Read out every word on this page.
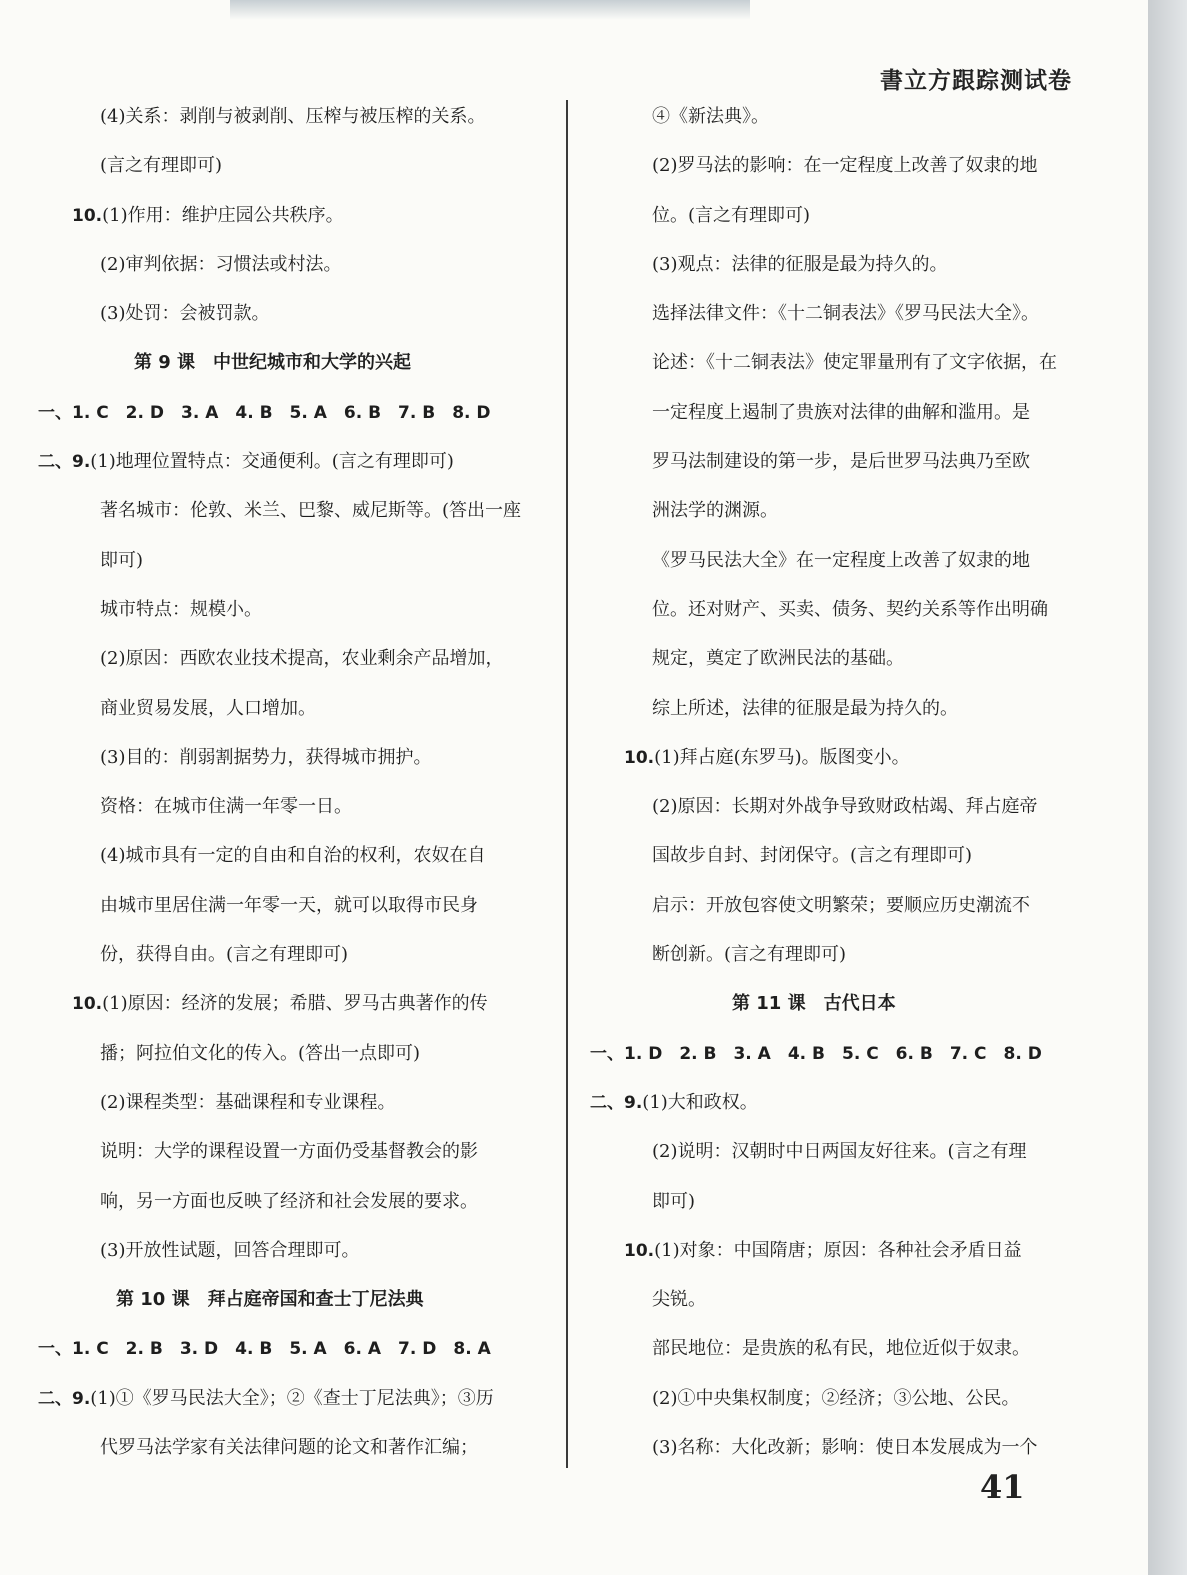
書立方跟踪测试卷
(4)关系：剥削与被剥削、压榨与被压榨的关系。
(言之有理即可)
10.(1)作用：维护庄园公共秩序。
(2)审判依据：习惯法或村法。
(3)处罚：会被罚款。
第 9 课　中世纪城市和大学的兴起
一、1. C　2. D　3. A　4. B　5. A　6. B　7. B　8. D
二、9.(1)地理位置特点：交通便利。(言之有理即可)
著名城市：伦敦、米兰、巴黎、威尼斯等。(答出一座
即可)
城市特点：规模小。
(2)原因：西欧农业技术提高，农业剩余产品增加，
商业贸易发展，人口增加。
(3)目的：削弱割据势力，获得城市拥护。
资格：在城市住满一年零一日。
(4)城市具有一定的自由和自治的权利，农奴在自
由城市里居住满一年零一天，就可以取得市民身
份，获得自由。(言之有理即可)
10.(1)原因：经济的发展；希腊、罗马古典著作的传
播；阿拉伯文化的传入。(答出一点即可)
(2)课程类型：基础课程和专业课程。
说明：大学的课程设置一方面仍受基督教会的影
响，另一方面也反映了经济和社会发展的要求。
(3)开放性试题，回答合理即可。
第 10 课　拜占庭帝国和查士丁尼法典
一、1. C　2. B　3. D　4. B　5. A　6. A　7. D　8. A
二、9.(1)①《罗马民法大全》；②《查士丁尼法典》；③历
代罗马法学家有关法律问题的论文和著作汇编；
④《新法典》。
(2)罗马法的影响：在一定程度上改善了奴隶的地
位。(言之有理即可)
(3)观点：法律的征服是最为持久的。
选择法律文件：《十二铜表法》《罗马民法大全》。
论述：《十二铜表法》使定罪量刑有了文字依据，在
一定程度上遏制了贵族对法律的曲解和滥用。是
罗马法制建设的第一步，是后世罗马法典乃至欧
洲法学的渊源。
《罗马民法大全》在一定程度上改善了奴隶的地
位。还对财产、买卖、债务、契约关系等作出明确
规定，奠定了欧洲民法的基础。
综上所述，法律的征服是最为持久的。
10.(1)拜占庭(东罗马)。版图变小。
(2)原因：长期对外战争导致财政枯竭、拜占庭帝
国故步自封、封闭保守。(言之有理即可)
启示：开放包容使文明繁荣；要顺应历史潮流不
断创新。(言之有理即可)
第 11 课　古代日本
一、1. D　2. B　3. A　4. B　5. C　6. B　7. C　8. D
二、9.(1)大和政权。
(2)说明：汉朝时中日两国友好往来。(言之有理
即可)
10.(1)对象：中国隋唐；原因：各种社会矛盾日益
尖锐。
部民地位：是贵族的私有民，地位近似于奴隶。
(2)①中央集权制度；②经济；③公地、公民。
(3)名称：大化改新；影响：使日本发展成为一个
41
